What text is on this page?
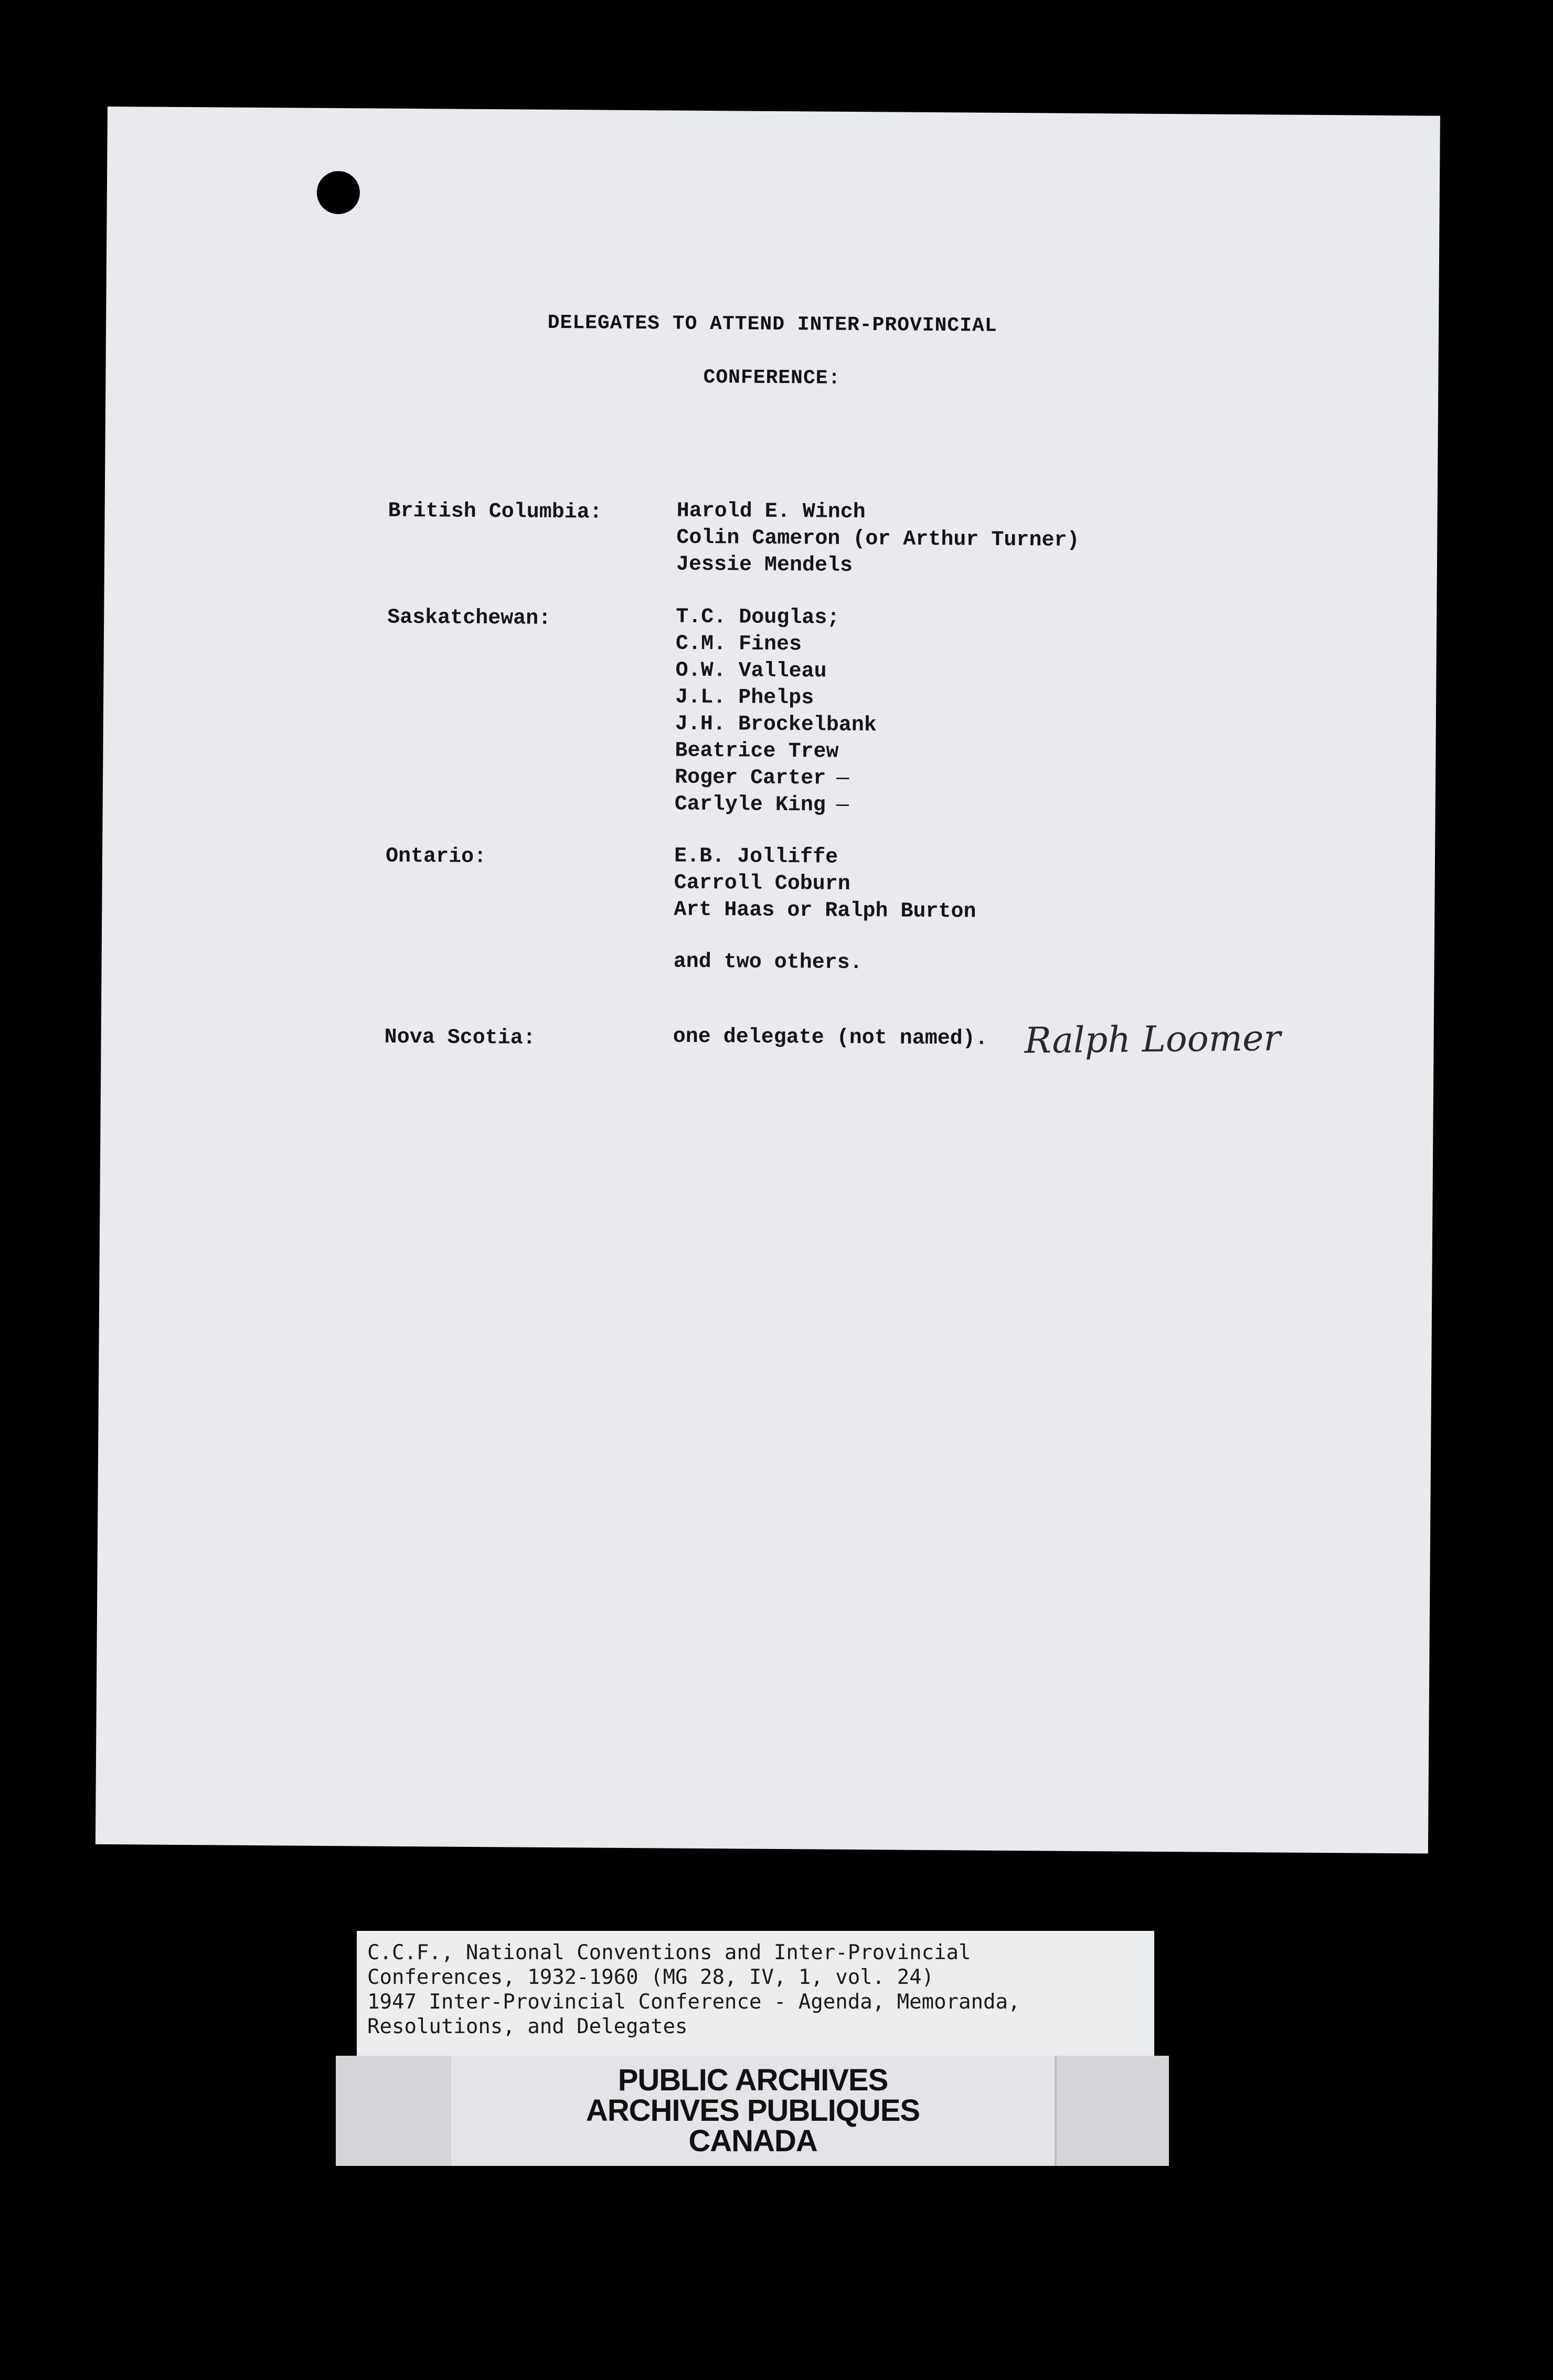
DELEGATES TO ATTEND INTER-PROVINCIAL
CONFERENCE:
British Columbia:	Harold E. Winch
Colin Cameron (or Arthur Turner)
Jessie Mendels
Saskatchewan:	T.C. Douglas;
C.M. Fines
O.W. Valleau
J.L. Phelps
J.H. Brockelbank
Beatrice Trew
Roger Carter —
Carlyle King —
Ontario:	E.B. Jolliffe
Carroll Coburn
Art Haas or Ralph Burton
and two others.
Nova Scotia:	one delegate (not named). Ralph Loomer
C.C.F., National Conventions and Inter-Provincial
Conferences, 1932-1960 (MG 28, IV, 1, vol. 24)
1947 Inter-Provincial Conference - Agenda, Memoranda,
Resolutions, and Delegates
PUBLIC ARCHIVES
ARCHIVES PUBLIQUES
CANADA
